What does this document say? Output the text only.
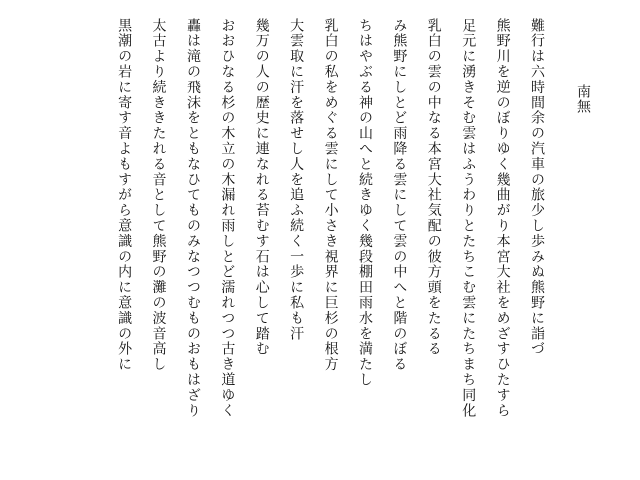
南無
難行は六時間余の汽車の旅少し歩みぬ熊野に詣づ
熊野川を逆のぼりゆく幾曲がり本宮大社をめざすひたすら
足元に湧きそむ雲はふうわりとたちこむ雲にたちまち同化
乳白の雲の中なる本宮大社気配の彼方頭をたるる
み熊野にしとど雨降る雲にして雲の中へと階のぼる
ちはやぶる神の山へと続きゆく幾段棚田雨水を満たし
乳白の私をめぐる雲にして小さき視界に巨杉の根方
大雲取に汗を落せし人を追ふ続く一歩に私も汗
幾万の人の歴史に連なれる苔むす石は心して踏む
おおひなる杉の木立の木漏れ雨しとど濡れつつ古き道ゆく
轟は滝の飛沫をともなひてものみなつつむものおもはざり
太古より続ききたれる音として熊野の灘の波音高し
黒潮の岩に寄す音よもすがら意識の内に意識の外に
